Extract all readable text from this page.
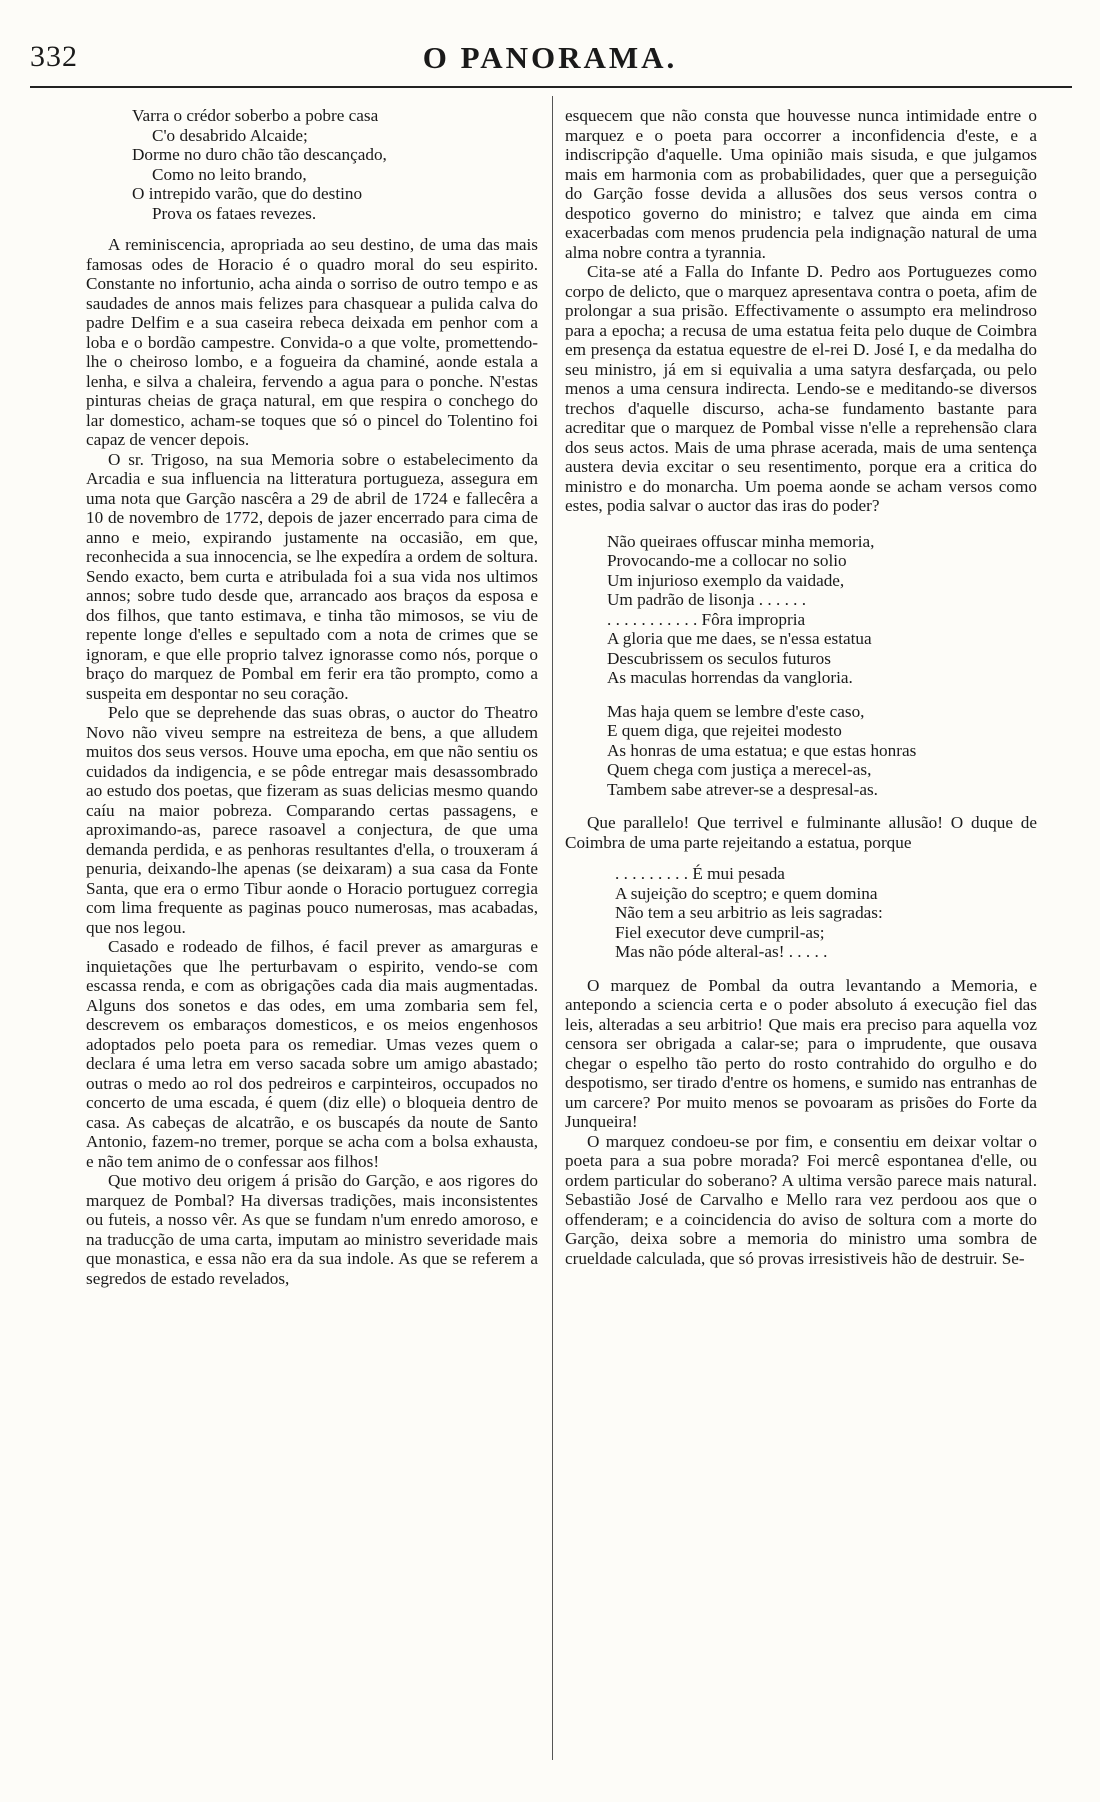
332	O PANORAMA.
Varra o crédor soberbo a pobre casa
C'o desabrido Alcaide;
Dorme no duro chão tão descançado,
Como no leito brando,
O intrepido varão, que do destino
Prova os fataes revezes.

A reminiscencia, apropriada ao seu destino, de uma das mais famosas odes de Horacio é o quadro moral do seu espirito. Constante no infortunio, acha ainda o sorriso de outro tempo e as saudades de annos mais felizes para chasquear a pulida calva do padre Delfim e a sua caseira rebeca deixada em penhor com a loba e o bordão campestre. Convida-o a que volte, promettendo-lhe o cheiroso lombo, e a fogueira da chaminé, aonde estala a lenha, e silva a chaleira, fervendo a agua para o ponche. N'estas pinturas cheias de graça natural, em que respira o conchego do lar domestico, acham-se toques que só o pincel do Tolentino foi capaz de vencer depois.

O sr. Trigoso, na sua Memoria sobre o estabelecimento da Arcadia e sua influencia na litteratura portugueza, assegura em uma nota que Garção nascêra a 29 de abril de 1724 e fallecêra a 10 de novembro de 1772, depois de jazer encerrado para cima de anno e meio, expirando justamente na occasião, em que, reconhecida a sua innocencia, se lhe expedíra a ordem de soltura. Sendo exacto, bem curta e atribulada foi a sua vida nos ultimos annos; sobre tudo desde que, arrancado aos braços da esposa e dos filhos, que tanto estimava, e tinha tão mimosos, se viu de repente longe d'elles e sepultado com a nota de crimes que se ignoram, e que elle proprio talvez ignorasse como nós, porque o braço do marquez de Pombal em ferir era tão prompto, como a suspeita em despontar no seu coração.

Pelo que se deprehende das suas obras, o auctor do Theatro Novo não viveu sempre na estreiteza de bens, a que alludem muitos dos seus versos. Houve uma epocha, em que não sentiu os cuidados da indigencia, e se pôde entregar mais desassombrado ao estudo dos poetas, que fizeram as suas delicias mesmo quando caíu na maior pobreza. Comparando certas passagens, e aproximando-as, parece rasoavel a conjectura, de que uma demanda perdida, e as penhoras resultantes d'ella, o trouxeram á penuria, deixando-lhe apenas (se deixaram) a sua casa da Fonte Santa, que era o ermo Tibur aonde o Horacio portuguez corregia com lima frequente as paginas pouco numerosas, mas acabadas, que nos legou.

Casado e rodeado de filhos, é facil prever as amarguras e inquietações que lhe perturbavam o espirito, vendo-se com escassa renda, e com as obrigações cada dia mais augmentadas. Alguns dos sonetos e das odes, em uma zombaria sem fel, descrevem os embaraços domesticos, e os meios engenhosos adoptados pelo poeta para os remediar. Umas vezes quem o declara é uma letra em verso sacada sobre um amigo abastado; outras o medo ao rol dos pedreiros e carpinteiros, occupados no concerto de uma escada, é quem (diz elle) o bloqueia dentro de casa. As cabeças de alcatrão, e os buscapés da noute de Santo Antonio, fazem-no tremer, porque se acha com a bolsa exhausta, e não tem animo de o confessar aos filhos!

Que motivo deu origem á prisão do Garção, e aos rigores do marquez de Pombal? Ha diversas tradições, mais inconsistentes ou futeis, a nosso vêr. As que se fundam n'um enredo amoroso, e na traducção de uma carta, imputam ao ministro severidade mais que monastica, e essa não era da sua indole. As que se referem a segredos de estado revelados,

esquecem que não consta que houvesse nunca intimidade entre o marquez e o poeta para occorrer a inconfidencia d'este, e a indiscripção d'aquelle. Uma opinião mais sisuda, e que julgamos mais em harmonia com as probabilidades, quer que a perseguição do Garção fosse devida a allusões dos seus versos contra o despotico governo do ministro; e talvez que ainda em cima exacerbadas com menos prudencia pela indignação natural de uma alma nobre contra a tyrannia.

Cita-se até a Falla do Infante D. Pedro aos Portuguezes como corpo de delicto, que o marquez apresentava contra o poeta, afim de prolongar a sua prisão. Effectivamente o assumpto era melindroso para a epocha; a recusa de uma estatua feita pelo duque de Coimbra em presença da estatua equestre de el-rei D. José I, e da medalha do seu ministro, já em si equivalia a uma satyra desfarçada, ou pelo menos a uma censura indirecta. Lendo-se e meditando-se diversos trechos d'aquelle discurso, acha-se fundamento bastante para acreditar que o marquez de Pombal visse n'elle a reprehensão clara dos seus actos. Mais de uma phrase acerada, mais de uma sentença austera devia excitar o seu resentimento, porque era a critica do ministro e do monarcha. Um poema aonde se acham versos como estes, podia salvar o auctor das iras do poder?

Não queiraes offuscar minha memoria,
Provocando-me a collocar no solio
Um injurioso exemplo da vaidade,
Um padrão de lisonja . . . . . .
. . . . . . . . . . . Fôra impropria
A gloria que me daes, se n'essa estatua
Descubrissem os seculos futuros
As maculas horrendas da vangloria.
Mas haja quem se lembre d'este caso,
E quem diga, que rejeitei modesto
As honras de uma estatua; e que estas honras
Quem chega com justiça a merecel-as,
Tambem sabe atrever-se a despresal-as.

Que parallelo! Que terrivel e fulminante allusão! O duque de Coimbra de uma parte rejeitando a estatua, porque

. . . . . . . . . É mui pesada
A sujeição do sceptro; e quem domina
Não tem a seu arbitrio as leis sagradas:
Fiel executor deve cumpril-as;
Mas não póde alteral-as! . . . . .

O marquez de Pombal da outra levantando a Memoria, e antepondo a sciencia certa e o poder absoluto á execução fiel das leis, alteradas a seu arbitrio! Que mais era preciso para aquella voz censora ser obrigada a calar-se; para o imprudente, que ousava chegar o espelho tão perto do rosto contrahido do orgulho e do despotismo, ser tirado d'entre os homens, e sumido nas entranhas de um carcere? Por muito menos se povoaram as prisões do Forte da Junqueira!

O marquez condoeu-se por fim, e consentiu em deixar voltar o poeta para a sua pobre morada? Foi mercê espontanea d'elle, ou ordem particular do soberano? A ultima versão parece mais natural. Sebastião José de Carvalho e Mello rara vez perdoou aos que o offenderam; e a coincidencia do aviso de soltura com a morte do Garção, deixa sobre a memoria do ministro uma sombra de crueldade calculada, que só provas irresistiveis hão de destruir. Se-
